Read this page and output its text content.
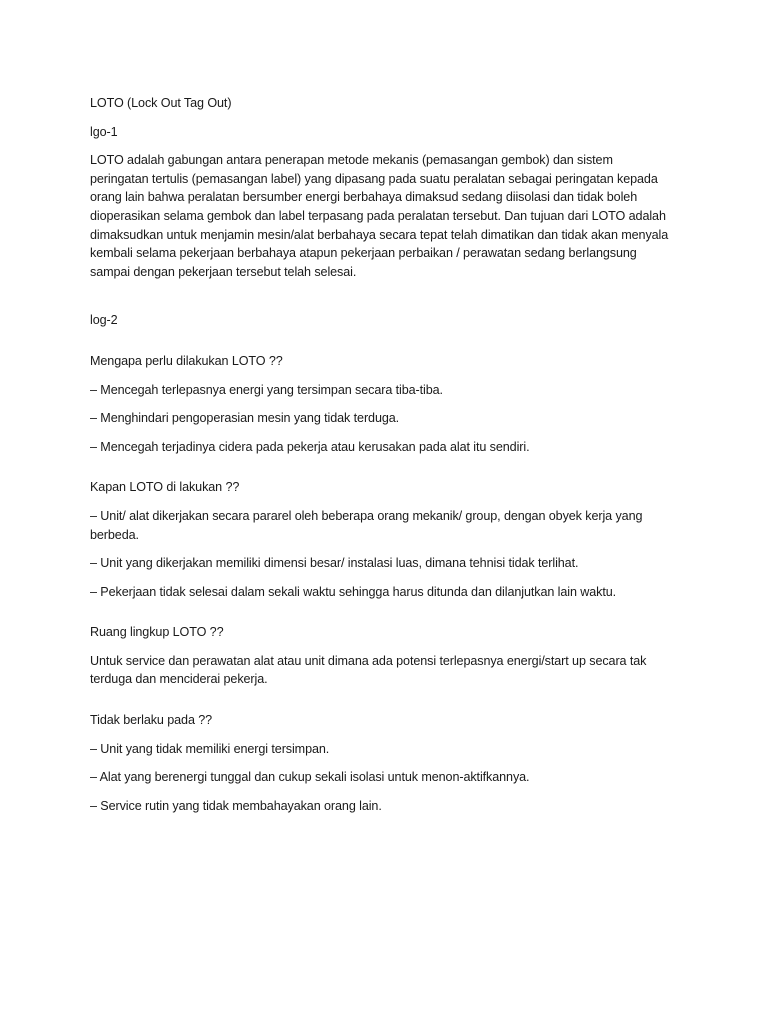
LOTO (Lock Out Tag Out)

lgo-1

LOTO adalah gabungan antara penerapan metode mekanis (pemasangan gembok) dan sistem peringatan tertulis (pemasangan label) yang dipasang pada suatu peralatan sebagai peringatan kepada orang lain bahwa peralatan bersumber energi berbahaya dimaksud sedang diisolasi dan tidak boleh dioperasikan selama gembok dan label terpasang pada peralatan tersebut. Dan tujuan dari LOTO adalah dimaksudkan untuk menjamin mesin/alat berbahaya secara tepat telah dimatikan dan tidak akan menyala kembali selama pekerjaan berbahaya atapun pekerjaan perbaikan / perawatan sedang berlangsung sampai dengan pekerjaan tersebut telah selesai.

log-2

Mengapa perlu dilakukan LOTO ??

– Mencegah terlepasnya energi yang tersimpan secara tiba-tiba.

– Menghindari pengoperasian mesin yang tidak terduga.

– Mencegah terjadinya cidera pada pekerja atau kerusakan pada alat itu sendiri.

Kapan LOTO di lakukan ??

– Unit/ alat dikerjakan secara pararel oleh beberapa orang mekanik/ group, dengan obyek kerja yang berbeda.

– Unit yang dikerjakan memiliki dimensi besar/ instalasi luas, dimana tehnisi tidak terlihat.

– Pekerjaan tidak selesai dalam sekali waktu sehingga harus ditunda dan dilanjutkan lain waktu.

Ruang lingkup LOTO ??

Untuk service dan perawatan alat atau unit dimana ada potensi terlepasnya energi/start up secara tak terduga dan menciderai pekerja.

Tidak berlaku pada ??

– Unit yang tidak memiliki energi tersimpan.

– Alat yang berenergi tunggal dan cukup sekali isolasi untuk menon-aktifkannya.

– Service rutin yang tidak membahayakan orang lain.
